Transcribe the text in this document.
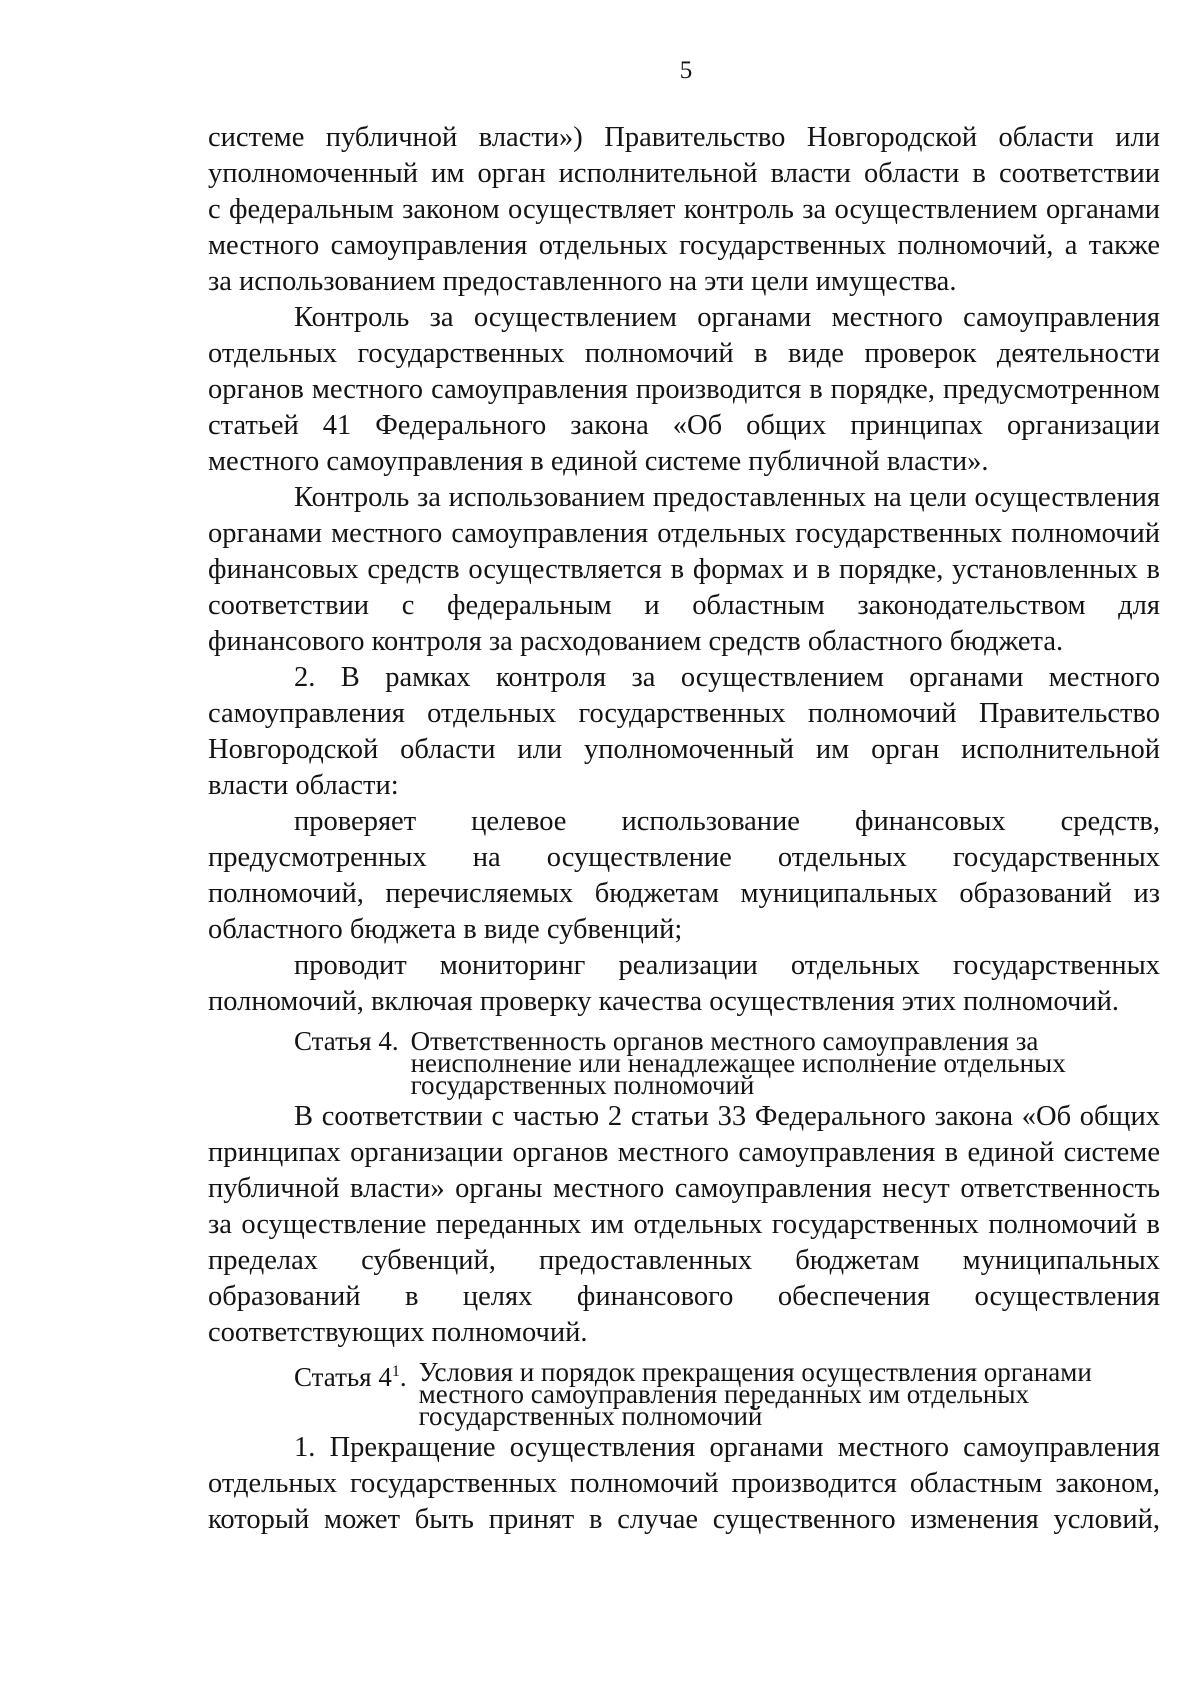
5

системе публичной власти») Правительство Новгородской области или

уполномоченный им орган исполнительной власти области в соответствии

с федеральным законом осуществляет контроль за осуществлением органами

местного самоуправления отдельных государственных полномочий, а также

за использованием предоставленного на эти цели имущества.

Контроль за осуществлением органами местного самоуправления

отдельных государственных полномочий в виде проверок деятельности

органов местного самоуправления производится в порядке, предусмотренном

статьей 41 Федерального закона «Об общих принципах организации

местного самоуправления в единой системе публичной власти».

Контроль за использованием предоставленных на цели осуществления

органами местного самоуправления отдельных государственных полномочий

финансовых средств осуществляется в формах и в порядке, установленных в

соответствии с федеральным и областным законодательством для

финансового контроля за расходованием средств областного бюджета.

2. В рамках контроля за осуществлением органами местного

самоуправления отдельных государственных полномочий Правительство

Новгородской области или уполномоченный им орган исполнительной

власти области:

проверяет целевое использование финансовых средств,

предусмотренных на осуществление отдельных государственных

полномочий, перечисляемых бюджетам муниципальных образований из

областного бюджета в виде субвенций;

проводит мониторинг реализации отдельных государственных

полномочий, включая проверку качества осуществления этих полномочий.

Статья 4. Ответственность органов местного самоуправления за
неисполнение или ненадлежащее исполнение отдельных
государственных полномочий

В соответствии с частью 2 статьи 33 Федерального закона «Об общих

принципах организации органов местного самоуправления в единой системе

публичной власти» органы местного самоуправления несут ответственность

за осуществление переданных им отдельных государственных полномочий в

пределах субвенций, предоставленных бюджетам муниципальных

образований в целях финансового обеспечения осуществления

соответствующих полномочий.

Статья $4^1$. Условия и порядок прекращения осуществления органами
местного самоуправления переданных им отдельных
государственных полномочий

1. Прекращение осуществления органами местного самоуправления

отдельных государственных полномочий производится областным законом,

который может быть принят в случае существенного изменения условий,
